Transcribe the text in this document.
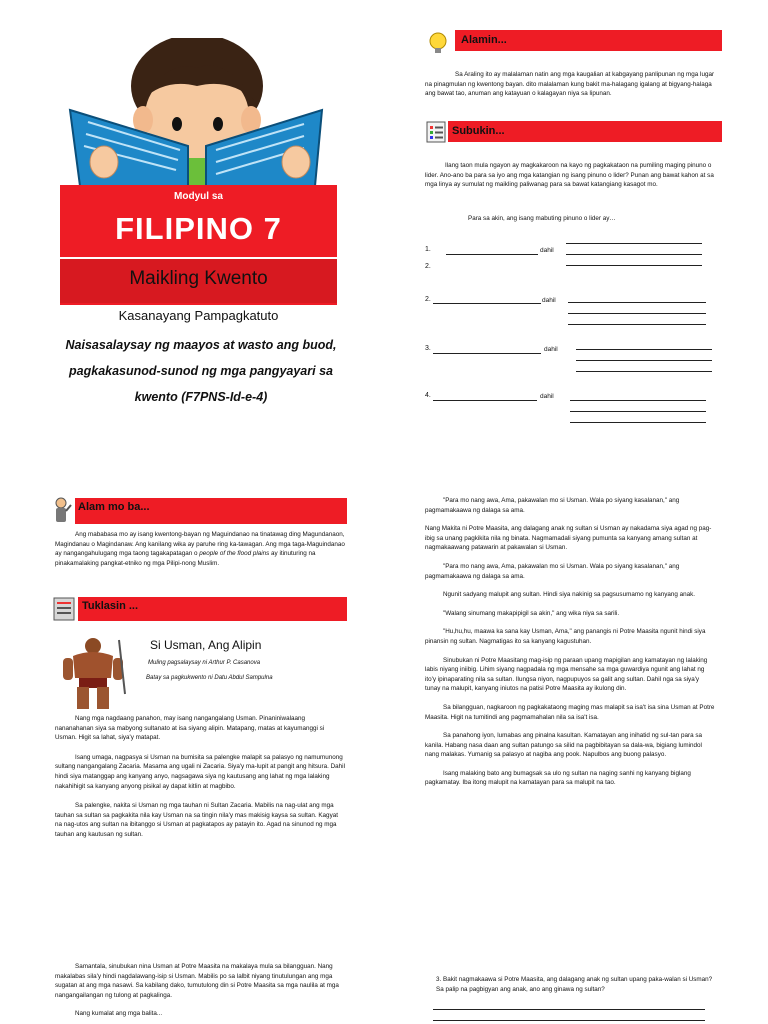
Modyul sa
FILIPINO 7
Maikling Kwento
Kasanayang Pampagkatuto
Naisasalaysay ng maayos at wasto ang buod,
pagkakasunod-sunod ng mga pangyayari sa
kwento (F7PNS-Id-e-4)
Alamin...
Sa Araling ito ay malalaman natin ang mga kaugalian at kabgayang panlipunan ng mga lugar na pinagmulan ng kwentong bayan. dito malalaman kung bakit ma-halagang igalang at bigyang-halaga ang bawat tao, anuman ang katayuan o kalagayan niya sa lipunan.
Subukin...
Ilang taon mula ngayon ay magkakaroon na kayo ng pagkakataon na pumiling maging pinuno o lider. Ano-ano ba para sa iyo ang mga katangian ng isang pinuno o lider? Punan ang bawat kahon at sa mga linya ay sumulat ng maikling paliwanag para sa bawat katangiang kasagot mo.
Para sa akin, ang isang mabuting pinuno o lider ay…
1.	dahil
2.
2.	dahil
3.	dahil
4.	dahil
Alam mo ba...
Ang mababasa mo ay isang kwentong-bayan ng Maguindanao na tinatawag ding Magundanaon, Magindanau o Magindanaw. Ang kanilang wika ay paruhe ring ka-tawagan. Ang mga taga-Maguindanao ay nangangahulugang mga taong tagakapatagan o people of the flood plains ay itinuturing na pinakamalaking pangkat-etniko ng mga Pilipi-nong Muslim.
Tuklasin ...
Si Usman, Ang Alipin
Muling pagsalaysay ni Arthur P. Casanova
Batay sa pagkukwento ni Datu Abdul Sampulna

Nang mga nagdaang panahon, may isang nangangalang Usman. Pinaniniwalaang nananahanan siya sa mabyong sultanato at isa siyang alipin. Matapang, matas at kayumanggi si Usman. Higit sa lahat, siya'y matapat.

Isang umaga, nagpasya si Usman na bumisita sa palengke malapit sa palasyo ng namumunong sultang nangangalang Zacaria. Masama ang ugali ni Zacaria. Siya'y ma-lupit at pangit ang hitsura. Dahil hindi siya matanggap ang kanyang anyo, nagsagawa siya ng kautusang ang lahat ng mga lalaking nakahihigit sa kanyang anyong pisikal ay dapat kitlin at magbibo.

Sa palengke, nakita si Usman ng mga tauhan ni Sultan Zacaria. Mabilis na nag-ulat ang mga tauhan sa sultan sa pagkakita nila kay Usman na sa tingin nila'y mas makisig kaysa sa sultan. Kagyat na nag-utos ang sultan na ibitanggo si Usman at pagkatapos ay patayin ito. Agad na sinunod ng mga tauhan ang kautusan ng sultan.

Samantala, sinubukan nina Usman at Potre Maasita na makalaya mula sa bilangguan. Nang makalabas sila'y hindi nagdalawang-isip si Usman. Mabilis po sa lalbit niyang tinutulungan ang mga sugatan at ang mga nasawi. Sa kabilang dako, tumutulong din si Potre Maasita sa mga naulila at mga nangangailangan ng tulong at pagkalinga.

Nang kumalat ang mga balita...

"Para mo nang awa, Ama, pakawalan mo si Usman. Wala po siyang kasalanan," ang pagmamakaawa ng dalaga sa ama.

Nang Makita ni Potre Maasita, ang dalagang anak ng sultan si Usman ay nakadama siya agad ng pag-ibig sa unang pagkikita nila ng binata. Nagmamadali siyang pumunta sa kanyang amang sultan at nagmakaawang patawarin at pakawalan si Usman.

"Para mo nang awa, Ama, pakawalan mo si Usman. Wala po siyang kasalanan," ang pagmamakaawa ng dalaga sa ama.

Ngunit sadyang malupit ang sultan. Hindi siya nakinig sa pagsusumamo ng kanyang anak.

"Walang sinumang makapipigil sa akin," ang wika niya sa sarili.

"Hu,hu,hu, maawa ka sana kay Usman, Ama," ang panangis ni Potre Maasita ngunit hindi siya pinansin ng sultan. Nagmatigas ito sa kanyang kagustuhan.

Sinubukan ni Potre Maasitang mag-isip ng paraan upang mapigilan ang kamatayan ng lalaking labis niyang iniibig. Lihim siyang nagpadala ng mga mensahe sa mga guwardiya ngunit ang lahat ng ito'y ipinaparating nila sa sultan. Ilungsa niyon, nagpupuyos sa galit ang sultan. Dahil nga sa siya'y tunay na malupit, kanyang iniutos na patisi Potre Maasita ay ikulong din.

Sa bilangguan, nagkaroon ng pagkakataong maging mas malapit sa isa't isa sina Usman at Potre Maasita. Higit na tumitindi ang pagmamahalan nila sa isa't isa.

Sa panahong iyon, lumabas ang pinalna kasultan. Kamatayan ang inihatid ng sul-tan para sa kanila. Habang nasa daan ang sultan patungo sa silid na pagbibitayan sa dala-wa, bigiang lumindol nang malakas. Yumanig sa palasyo at nagiba ang pook. Napulbos ang buong palasyo.

Isang malaking bato ang bumagsak sa ulo ng sultan na naging sanhi ng kanyang biglang pagkamatay. Iba itong malupit na kamatayan para sa malupit na tao.

3. Bakit nagmakaawa si Potre Maasita, ang dalagang anak ng sultan upang paka-walan si Usman? Sa palip na pagbigyan ang anak, ano ang ginawa ng sultan?
